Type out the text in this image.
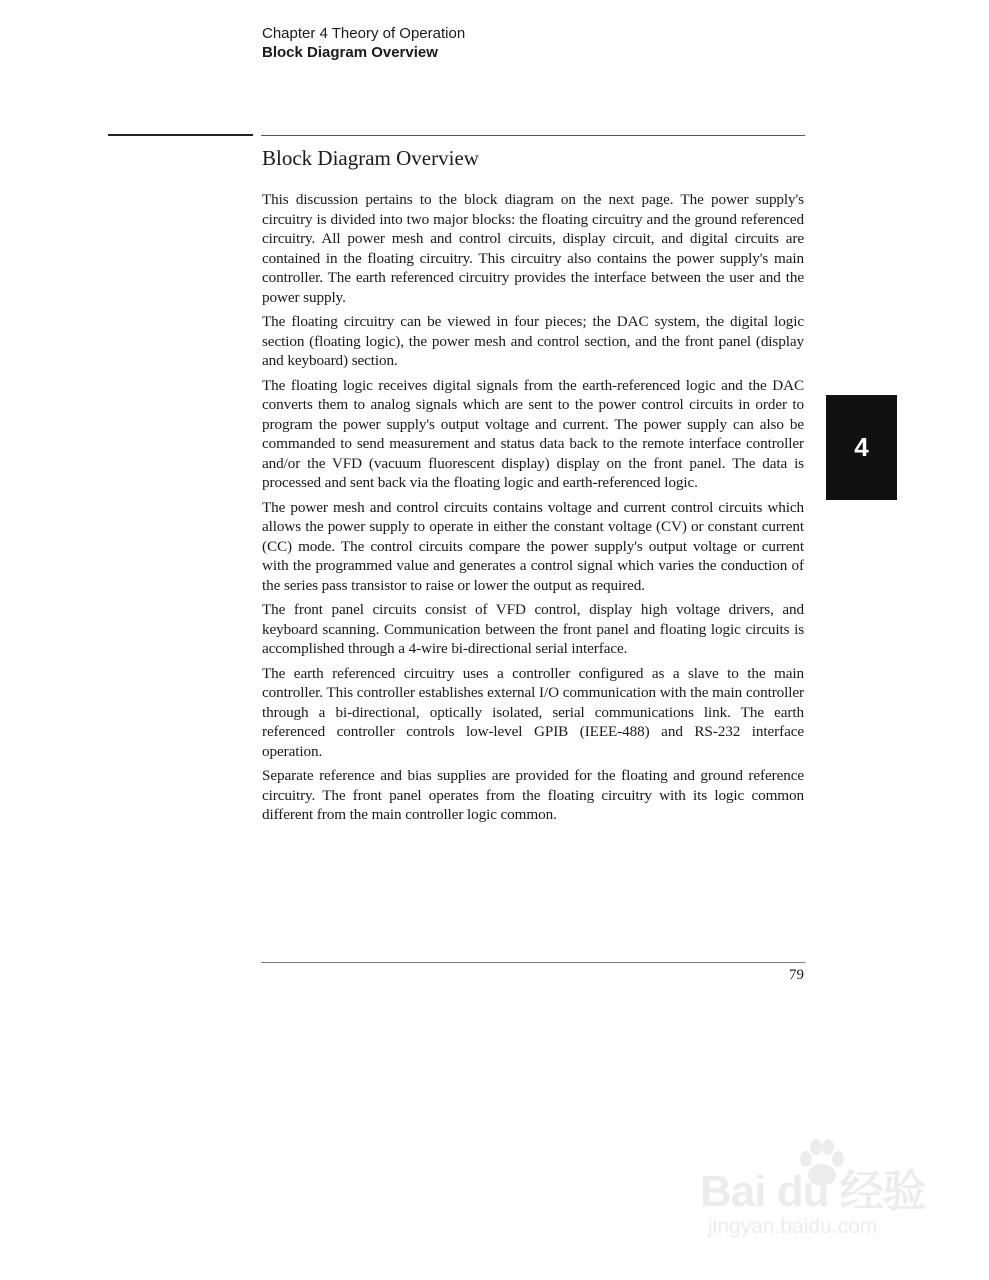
Chapter 4 Theory of Operation
Block Diagram Overview
Block Diagram Overview

This discussion pertains to the block diagram on the next page. The power supply's circuitry is divided into two major blocks: the floating circuitry and the ground referenced circuitry. All power mesh and control circuits, display circuit, and digital circuits are contained in the floating circuitry. This circuitry also contains the power supply's main controller. The earth referenced circuitry provides the interface between the user and the power supply.

The floating circuitry can be viewed in four pieces; the DAC system, the digital logic section (floating logic), the power mesh and control section, and the front panel (display and keyboard) section.

The floating logic receives digital signals from the earth-referenced logic and the DAC converts them to analog signals which are sent to the power control circuits in order to program the power supply's output voltage and current. The power supply can also be commanded to send measurement and status data back to the remote interface controller and/or the VFD (vacuum fluorescent display) display on the front panel. The data is processed and sent back via the floating logic and earth-referenced logic.

The power mesh and control circuits contains voltage and current control circuits which allows the power supply to operate in either the constant voltage (CV) or constant current (CC) mode. The control circuits compare the power supply's output voltage or current with the programmed value and generates a control signal which varies the conduction of the series pass transistor to raise or lower the output as required.

The front panel circuits consist of VFD control, display high voltage drivers, and keyboard scanning. Communication between the front panel and floating logic circuits is accomplished through a 4-wire bi-directional serial interface.

The earth referenced circuitry uses a controller configured as a slave to the main controller. This controller establishes external I/O communication with the main controller through a bi-directional, optically isolated, serial communications link. The earth referenced controller controls low-level GPIB (IEEE-488) and RS-232 interface operation.

Separate reference and bias supplies are provided for the floating and ground reference circuitry. The front panel operates from the floating circuitry with its logic common different from the main controller logic common.

4
79
Bai du 经验
jingyan.baidu.com
